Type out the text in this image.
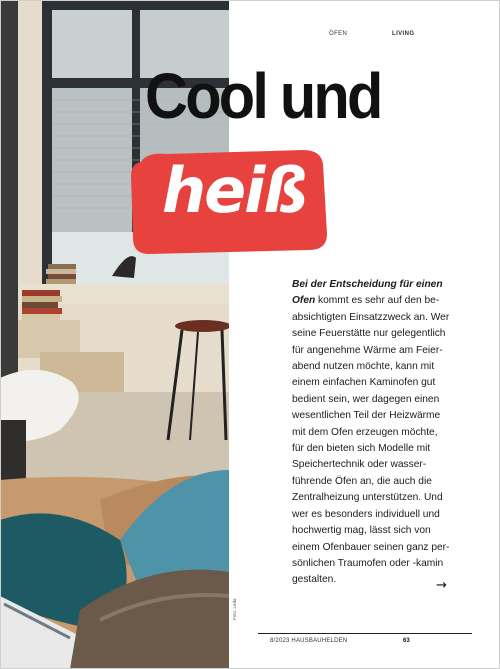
ÖFEN	LIVING
Cool und
heiß
Bei der Entscheidung für einen Ofen kommt es sehr auf den be-
absichtigten Einsatzzweck an. Wer
seine Feuerstätte nur gelegentlich
für angenehme Wärme am Feier-
abend nutzen möchte, kann mit
einem einfachen Kaminofen gut
bedient sein, wer dagegen einen
wesentlichen Teil der Heizwärme
mit dem Ofen erzeugen möchte,
für den bieten sich Modelle mit
Speichertechnik oder wasser-
führende Öfen an, die auch die
Zentralheizung unterstützen. Und
wer es besonders individuell und
hochwertig mag, lässt sich von
einem Ofenbauer seinen ganz per-
sönlichen Traumofen oder -kamin
gestalten.	→
Foto: Leda
8/2023 HAUSBAUHELDEN	63
